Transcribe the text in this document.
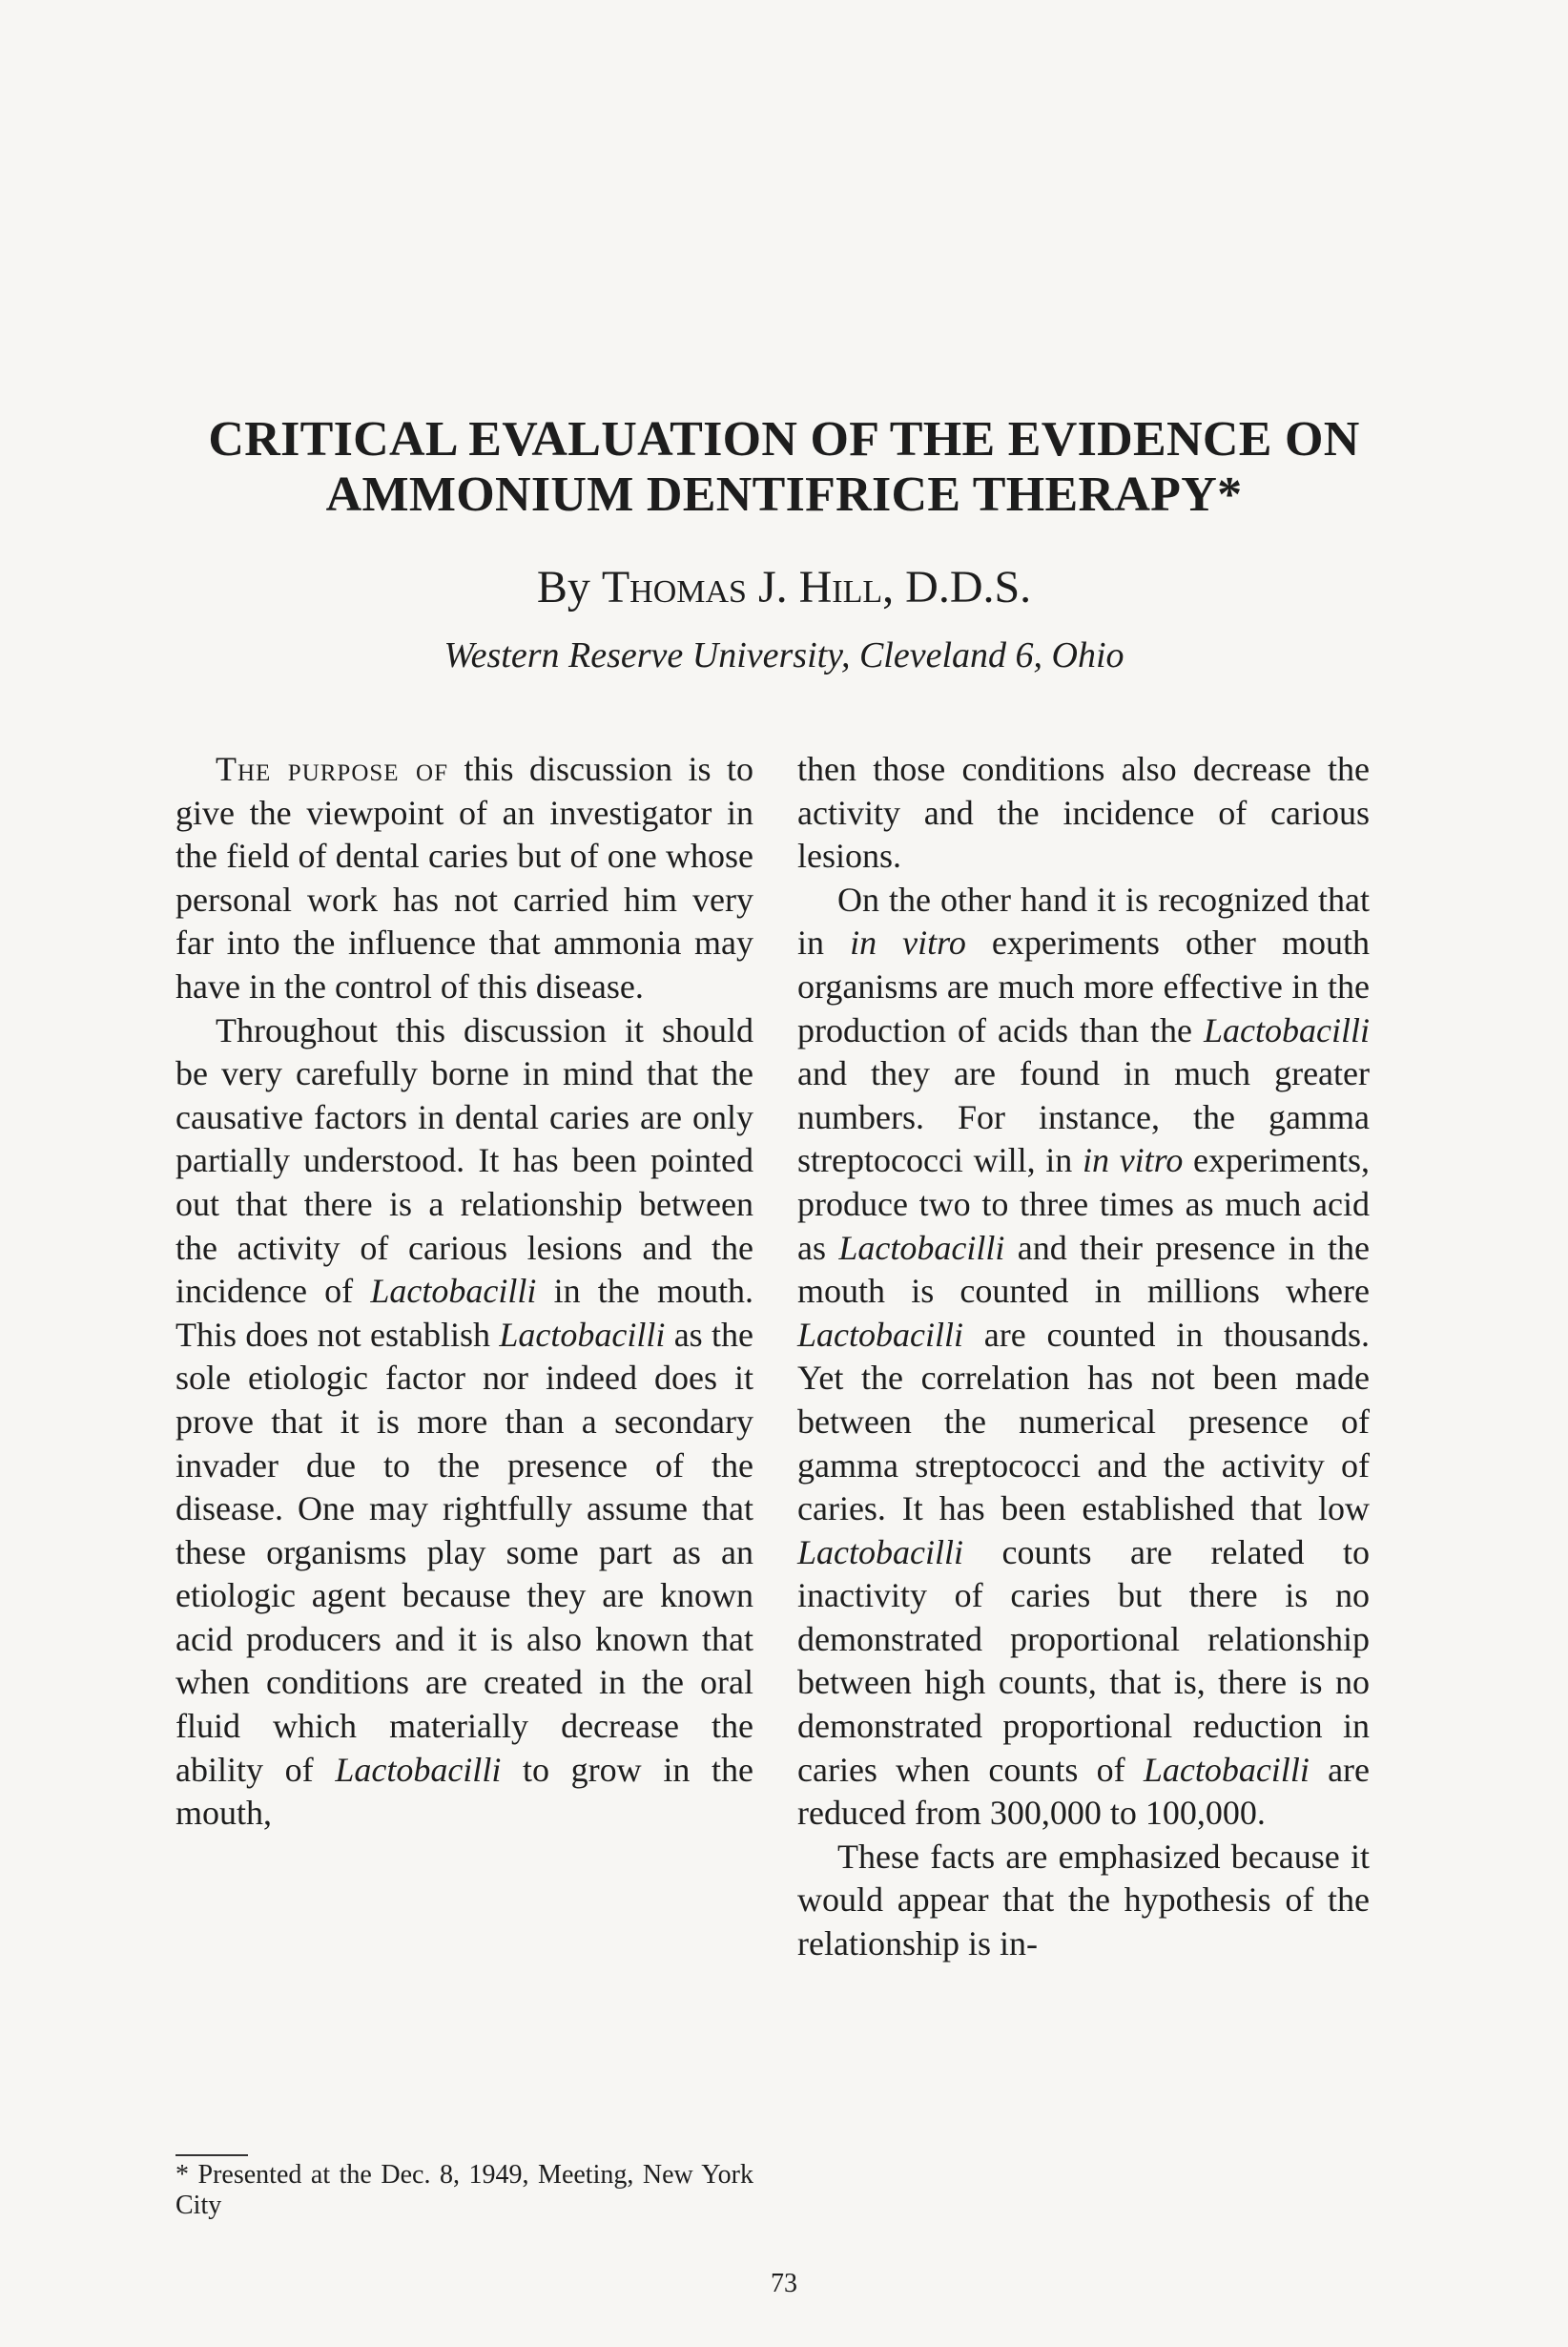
CRITICAL EVALUATION OF THE EVIDENCE ON
AMMONIUM DENTIFRICE THERAPY*
By Thomas J. Hill, D.D.S.
Western Reserve University, Cleveland 6, Ohio

The purpose of this discussion is to give the viewpoint of an investigator in the field of dental caries but of one whose personal work has not carried him very far into the influence that ammonia may have in the control of this disease.

Throughout this discussion it should be very carefully borne in mind that the causative factors in dental caries are only partially understood. It has been pointed out that there is a relationship between the activity of carious lesions and the incidence of Lactobacilli in the mouth. This does not establish Lactobacilli as the sole etiologic factor nor indeed does it prove that it is more than a secondary invader due to the presence of the disease. One may rightfully assume that these organisms play some part as an etiologic agent because they are known acid producers and it is also known that when conditions are created in the oral fluid which materially decrease the ability of Lactobacilli to grow in the mouth,

then those conditions also decrease the activity and the incidence of carious lesions.

On the other hand it is recognized that in in vitro experiments other mouth organisms are much more effective in the production of acids than the Lactobacilli and they are found in much greater numbers. For instance, the gamma streptococci will, in in vitro experiments, produce two to three times as much acid as Lactobacilli and their presence in the mouth is counted in millions where Lactobacilli are counted in thousands. Yet the correlation has not been made between the numerical presence of gamma streptococci and the activity of caries. It has been established that low Lactobacilli counts are related to inactivity of caries but there is no demonstrated proportional relationship between high counts, that is, there is no demonstrated proportional reduction in caries when counts of Lactobacilli are reduced from 300,000 to 100,000.

These facts are emphasized because it would appear that the hypothesis of the relationship is in-

* Presented at the Dec. 8, 1949, Meeting, New York City
73
